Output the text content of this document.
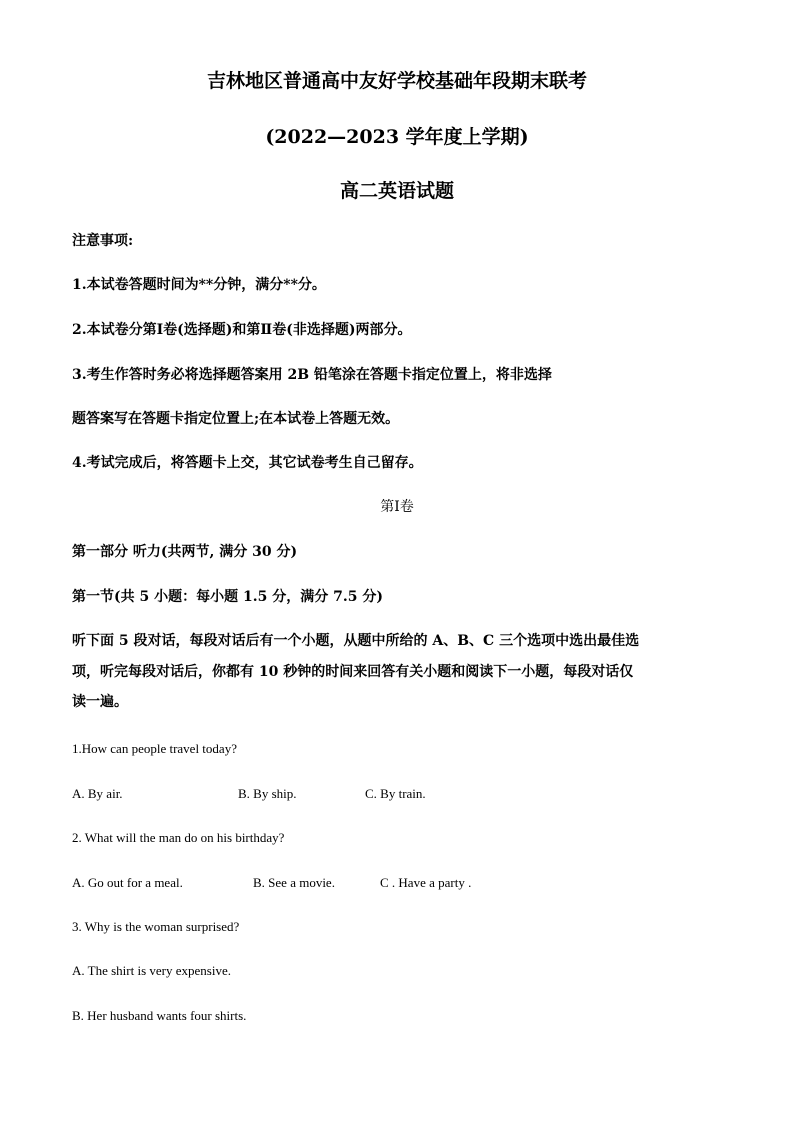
吉林地区普通高中友好学校基础年段期末联考
(2022—2023 学年度上学期)
高二英语试题
注意事项:
1.本试卷答题时间为**分钟，满分**分。
2.本试卷分第Ⅰ卷(选择题)和第Ⅱ卷(非选择题)两部分。
3.考生作答时务必将选择题答案用 2B 铅笔涂在答题卡指定位置上，将非选择
题答案写在答题卡指定位置上;在本试卷上答题无效。
4.考试完成后，将答题卡上交，其它试卷考生自己留存。
第Ⅰ卷
第一部分 听力(共两节, 满分 30 分)
第一节(共 5 小题：每小题 1.5 分，满分 7.5 分)
听下面 5 段对话，每段对话后有一个小题，从题中所给的 A、B、C 三个选项中选出最佳选
项，听完每段对话后，你都有 10 秒钟的时间来回答有关小题和阅读下一小题，每段对话仅
读一遍。
1.How can people travel today?
A. By air.	B. By ship.	C. By train.
2. What will the man do on his birthday?
A. Go out for a meal.	B. See a movie.	C . Have a party .
3. Why is the woman surprised?
A. The shirt is very expensive.
B. Her husband wants four shirts.
